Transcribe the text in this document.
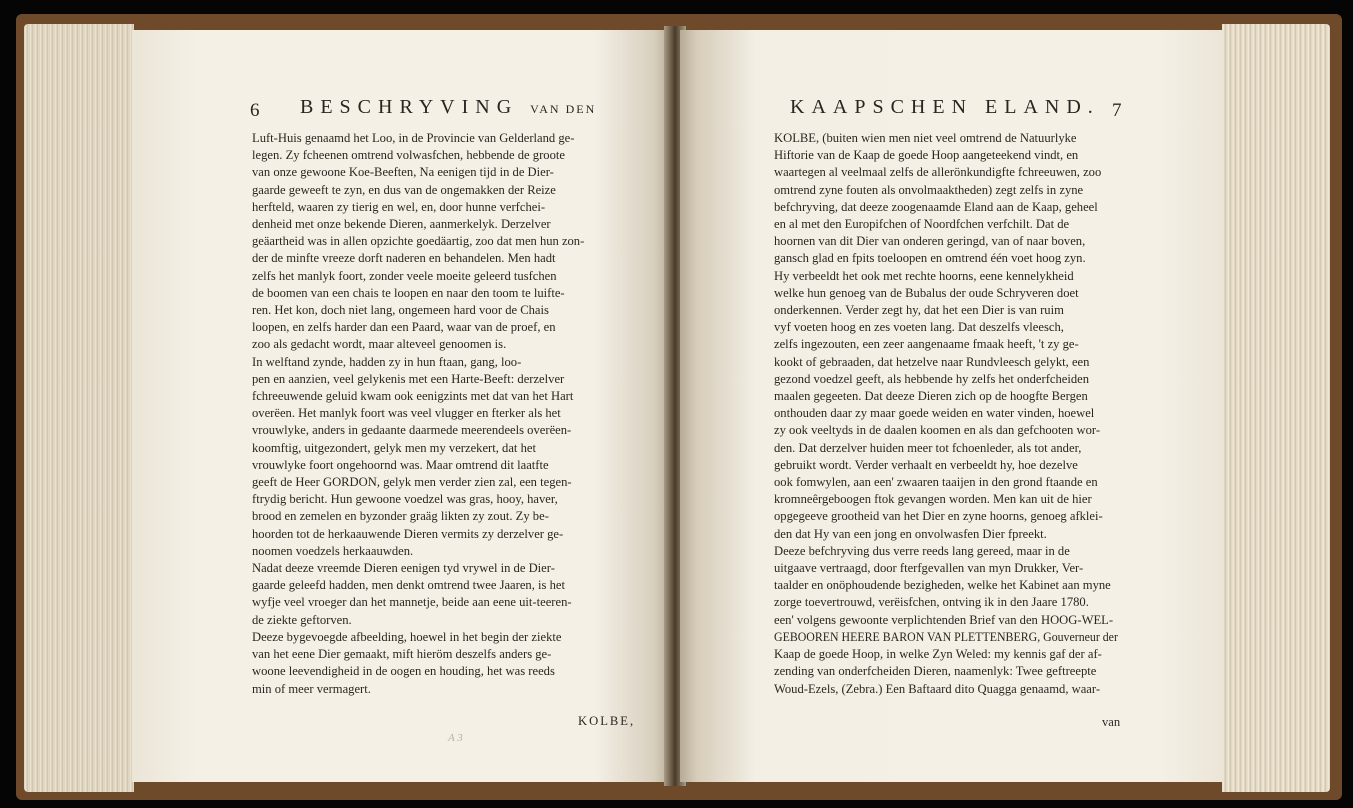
6 BESCHRYVING VAN DEN

Luft-Huis genaamd het Loo, in de Provincie van Gelderland ge-

legen. Zy fcheenen omtrend volwasfchen, hebbende de groote

van onze gewoone Koe-Beeften, Na eenigen tijd in de Dier-

gaarde geweeft te zyn, en dus van de ongemakken der Reize

herfteld, waaren zy tierig en wel, en, door hunne verfchei-

denheid met onze bekende Dieren, aanmerkelyk. Derzelver

geäartheid was in allen opzichte goedäartig, zoo dat men hun zon-

der de minfte vreeze dorft naderen en behandelen. Men hadt

zelfs het manlyk foort, zonder veele moeite geleerd tusfchen

de boomen van een chais te loopen en naar den toom te luifte-

ren. Het kon, doch niet lang, ongemeen hard voor de Chais

loopen, en zelfs harder dan een Paard, waar van de proef, en

zoo als gedacht wordt, maar alteveel genoomen is.

In welftand zynde, hadden zy in hun ftaan, gang, loo-

pen en aanzien, veel gelykenis met een Harte-Beeft: derzelver

fchreeuwende geluid kwam ook eenigzints met dat van het Hart

overëen. Het manlyk foort was veel vlugger en fterker als het

vrouwlyke, anders in gedaante daarmede meerendeels overëen-

koomftig, uitgezondert, gelyk men my verzekert, dat het

vrouwlyke foort ongehoornd was. Maar omtrend dit laatfte

geeft de Heer GORDON, gelyk men verder zien zal, een tegen-

ftrydig bericht. Hun gewoone voedzel was gras, hooy, haver,

brood en zemelen en byzonder graäg likten zy zout. Zy be-

hoorden tot de herkaauwende Dieren vermits zy derzelver ge-

noomen voedzels herkaauwden.

Nadat deeze vreemde Dieren eenigen tyd vrywel in de Dier-

gaarde geleefd hadden, men denkt omtrend twee Jaaren, is het

wyfje veel vroeger dan het mannetje, beide aan eene uit-teeren-

de ziekte geftorven.

Deeze bygevoegde afbeelding, hoewel in het begin der ziekte

van het eene Dier gemaakt, mift hieröm deszelfs anders ge-

woone leevendigheid in de oogen en houding, het was reeds

min of meer vermagert.

KOLBE,
A 3
KAAPSCHEN ELAND. 7

KOLBE, (buiten wien men niet veel omtrend de Natuurlyke

Hiftorie van de Kaap de goede Hoop aangeteekend vindt, en

waartegen al veelmaal zelfs de allerönkundigfte fchreeuwen, zoo

omtrend zyne fouten als onvolmaaktheden) zegt zelfs in zyne

befchryving, dat deeze zoogenaamde Eland aan de Kaap, geheel

en al met den Europifchen of Noordfchen verfchilt. Dat de

hoornen van dit Dier van onderen geringd, van of naar boven,

gansch glad en fpits toeloopen en omtrend één voet hoog zyn.

Hy verbeeldt het ook met rechte hoorns, eene kennelykheid

welke hun genoeg van de Bubalus der oude Schryveren doet

onderkennen. Verder zegt hy, dat het een Dier is van ruim

vyf voeten hoog en zes voeten lang. Dat deszelfs vleesch,

zelfs ingezouten, een zeer aangenaame fmaak heeft, 't zy ge-

kookt of gebraaden, dat hetzelve naar Rundvleesch gelykt, een

gezond voedzel geeft, als hebbende hy zelfs het onderfcheiden

maalen gegeeten. Dat deeze Dieren zich op de hoogfte Bergen

onthouden daar zy maar goede weiden en water vinden, hoewel

zy ook veeltyds in de daalen koomen en als dan gefchooten wor-

den. Dat derzelver huiden meer tot fchoenleder, als tot ander,

gebruikt wordt. Verder verhaalt en verbeeldt hy, hoe dezelve

ook fomwylen, aan een' zwaaren taaijen in den grond ftaande en

kromneêrgeboogen ftok gevangen worden. Men kan uit de hier

opgegeeve grootheid van het Dier en zyne hoorns, genoeg afklei-

den dat Hy van een jong en onvolwasfen Dier fpreekt.

Deeze befchryving dus verre reeds lang gereed, maar in de

uitgaave vertraagd, door fterfgevallen van myn Drukker, Ver-

taalder en onöphoudende bezigheden, welke het Kabinet aan myne

zorge toevertrouwd, verëisfchen, ontving ik in den Jaare 1780.

een' volgens gewoonte verplichtenden Brief van den HOOG-WEL-

GEBOOREN HEERE BARON VAN PLETTENBERG, Gouverneur der

Kaap de goede Hoop, in welke Zyn Weled: my kennis gaf der af-

zending van onderfcheiden Dieren, naamenlyk: Twee geftreepte

Woud-Ezels, (Zebra.) Een Baftaard dito Quagga genaamd, waar-

van
